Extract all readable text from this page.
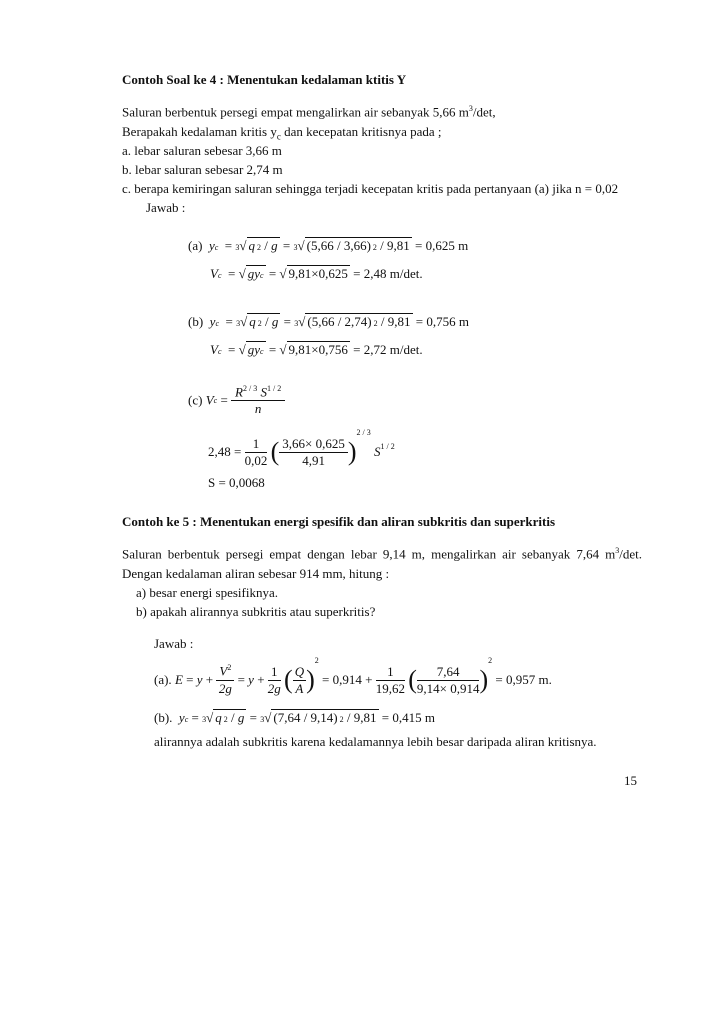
Contoh Soal ke 4 : Menentukan kedalaman ktitis Y
Saluran berbentuk persegi empat mengalirkan air sebanyak 5,66 $m^3/\det$,
Berapakah kedalaman kritis $y_c$ dan kecepatan kritisnya pada ;
a. lebar saluran sebesar 3,66 m
b. lebar saluran sebesar 2,74 m
c. berapa kemiringan saluran sehingga terjadi kecepatan kritis pada pertanyaan (a) jika n = 0,02
Jawab :
(a) yc  = 3√ q 2 / g = 3√ (5,66 / 3,66) 2 / 9,81 = 0,625 m
Vc  = √ gyc = √ 9,81×0,625 = 2,48 m/det.
(b) yc  = 3√ q 2 / g = 3√ (5,66 / 2,74) 2 / 9,81 = 0,756 m
Vc  = √ gyc = √ 9,81×0,756 = 2,72 m/det.
(c) $Vc = \frac{R^{2 / 3} S^{1 / 2}}{n}$
$2,48 = \frac{1}{0,02}$ ( $\frac{3,66\times 0,625}{4,91} )^{2 / 3}$ $S^{1 / 2}$
S = 0,0068
Contoh ke 5 : Menentukan energi spesifik dan aliran subkritis dan superkritis
Saluran berbentuk persegi empat dengan lebar 9,14 m, mengalirkan air sebanyak 7,64 $m^3/\det$.
Dengan kedalaman aliran sebesar 914 mm, hitung :
a) besar energi spesifiknya.
b) apakah alirannya subkritis atau superkritis?
Jawab :
(a). $E = y + \frac{V^2}{2g} = y + \frac{1}{2g}$ ( $\frac{Q}{A} )^2 = 0,914 + \frac{1}{19,62}$ ( $\frac{7,64}{9,14\times 0,914} )^2 = 0,957$ m.
(b). yc = 3√ q 2 / g = 3√ (7,64 / 9,14) 2 / 9,81 = 0,415 m
alirannya adalah subkritis karena kedalamannya lebih besar daripada aliran kritisnya.
15
